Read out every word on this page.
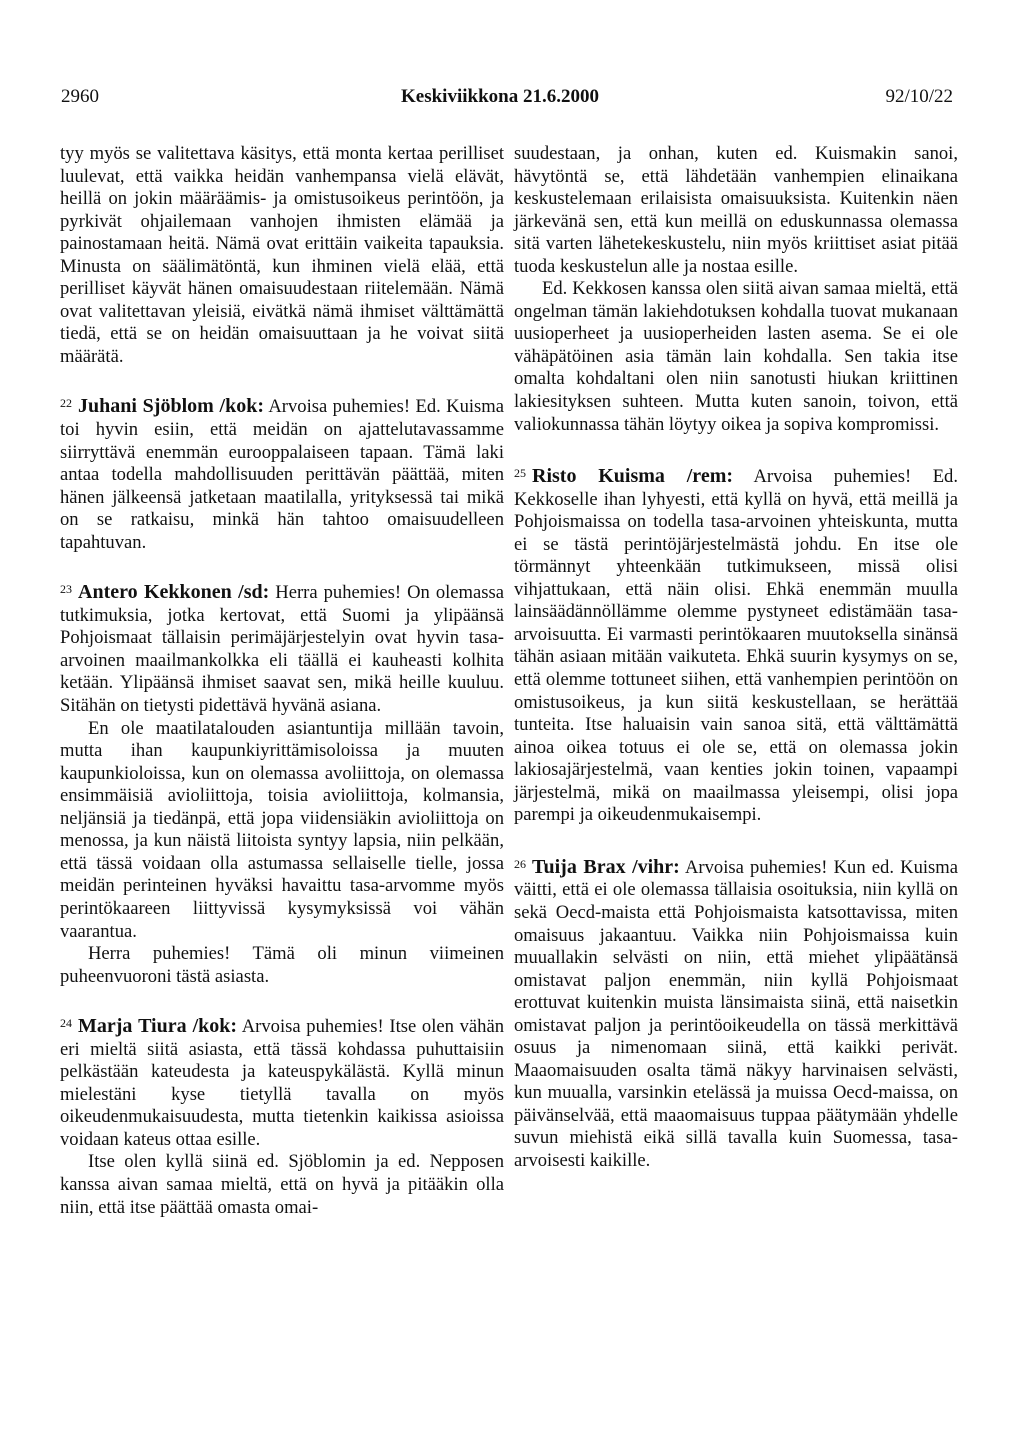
2960	Keskiviikkona 21.6.2000	92/10/22

tyy myös se valitettava käsitys, että monta kertaa perilliset luulevat, että vaikka heidän vanhempansa vielä elävät, heillä on jokin määräämis- ja omistusoikeus perintöön, ja pyrkivät ohjailemaan vanhojen ihmisten elämää ja painostamaan heitä. Nämä ovat erittäin vaikeita tapauksia. Minusta on säälimätöntä, kun ihminen vielä elää, että perilliset käyvät hänen omaisuudestaan riitelemään. Nämä ovat valitettavan yleisiä, eivätkä nämä ihmiset välttämättä tiedä, että se on heidän omaisuuttaan ja he voivat siitä määrätä.

$^{22}$ Juhani Sjöblom /kok: Arvoisa puhemies! Ed. Kuisma toi hyvin esiin, että meidän on ajattelutavassamme siirryttävä enemmän eurooppalaiseen tapaan. Tämä laki antaa todella mahdollisuuden perittävän päättää, miten hänen jälkeensä jatketaan maatilalla, yrityksessä tai mikä on se ratkaisu, minkä hän tahtoo omaisuudelleen tapahtuvan.

$^{23}$ Antero Kekkonen /sd: Herra puhemies! On olemassa tutkimuksia, jotka kertovat, että Suomi ja ylipäänsä Pohjoismaat tällaisin perimäjärjestelyin ovat hyvin tasa-arvoinen maailmankolkka eli täällä ei kauheasti kolhita ketään. Ylipäänsä ihmiset saavat sen, mikä heille kuuluu. Sitähän on tietysti pidettävä hyvänä asiana.

En ole maatilatalouden asiantuntija millään tavoin, mutta ihan kaupunkiyrittämisoloissa ja muuten kaupunkioloissa, kun on olemassa avoliittoja, on olemassa ensimmäisiä avioliittoja, toisia avioliittoja, kolmansia, neljänsiä ja tiedänpä, että jopa viidensiäkin avioliittoja on menossa, ja kun näistä liitoista syntyy lapsia, niin pelkään, että tässä voidaan olla astumassa sellaiselle tielle, jossa meidän perinteinen hyväksi havaittu tasa-arvomme myös perintökaareen liittyvissä kysymyksissä voi vähän vaarantua.

Herra puhemies! Tämä oli minun viimeinen puheenvuoroni tästä asiasta.

$^{24}$ Marja Tiura /kok: Arvoisa puhemies! Itse olen vähän eri mieltä siitä asiasta, että tässä kohdassa puhuttaisiin pelkästään kateudesta ja kateuspykälästä. Kyllä minun mielestäni kyse tietyllä tavalla on myös oikeudenmukaisuudesta, mutta tietenkin kaikissa asioissa voidaan kateus ottaa esille.

Itse olen kyllä siinä ed. Sjöblomin ja ed. Nepposen kanssa aivan samaa mieltä, että on hyvä ja pitääkin olla niin, että itse päättää omasta omai-

suudestaan, ja onhan, kuten ed. Kuismakin sanoi, hävytöntä se, että lähdetään vanhempien elinaikana keskustelemaan erilaisista omaisuuksista. Kuitenkin näen järkevänä sen, että kun meillä on eduskunnassa olemassa sitä varten lähetekeskustelu, niin myös kriittiset asiat pitää tuoda keskustelun alle ja nostaa esille.

Ed. Kekkosen kanssa olen siitä aivan samaa mieltä, että ongelman tämän lakiehdotuksen kohdalla tuovat mukanaan uusioperheet ja uusioperheiden lasten asema. Se ei ole vähäpätöinen asia tämän lain kohdalla. Sen takia itse omalta kohdaltani olen niin sanotusti hiukan kriittinen lakiesityksen suhteen. Mutta kuten sanoin, toivon, että valiokunnassa tähän löytyy oikea ja sopiva kompromissi.

$^{25}$ Risto Kuisma /rem: Arvoisa puhemies! Ed. Kekkoselle ihan lyhyesti, että kyllä on hyvä, että meillä ja Pohjoismaissa on todella tasa-arvoinen yhteiskunta, mutta ei se tästä perintöjärjestelmästä johdu. En itse ole törmännyt yhteenkään tutkimukseen, missä olisi vihjattukaan, että näin olisi. Ehkä enemmän muulla lainsäädännöllämme olemme pystyneet edistämään tasa-arvoisuutta. Ei varmasti perintökaaren muutoksella sinänsä tähän asiaan mitään vaikuteta. Ehkä suurin kysymys on se, että olemme tottuneet siihen, että vanhempien perintöön on omistusoikeus, ja kun siitä keskustellaan, se herättää tunteita. Itse haluaisin vain sanoa sitä, että välttämättä ainoa oikea totuus ei ole se, että on olemassa jokin lakiosajärjestelmä, vaan kenties jokin toinen, vapaampi järjestelmä, mikä on maailmassa yleisempi, olisi jopa parempi ja oikeudenmukaisempi.

$^{26}$ Tuija Brax /vihr: Arvoisa puhemies! Kun ed. Kuisma väitti, että ei ole olemassa tällaisia osoituksia, niin kyllä on sekä Oecd-maista että Pohjoismaista katsottavissa, miten omaisuus jakaantuu. Vaikka niin Pohjoismaissa kuin muuallakin selvästi on niin, että miehet ylipäätänsä omistavat paljon enemmän, niin kyllä Pohjoismaat erottuvat kuitenkin muista länsimaista siinä, että naisetkin omistavat paljon ja perintöoikeudella on tässä merkittävä osuus ja nimenomaan siinä, että kaikki perivät. Maaomaisuuden osalta tämä näkyy harvinaisen selvästi, kun muualla, varsinkin etelässä ja muissa Oecd-maissa, on päivänselvää, että maaomaisuus tuppaa päätymään yhdelle suvun miehistä eikä sillä tavalla kuin Suomessa, tasa-arvoisesti kaikille.
